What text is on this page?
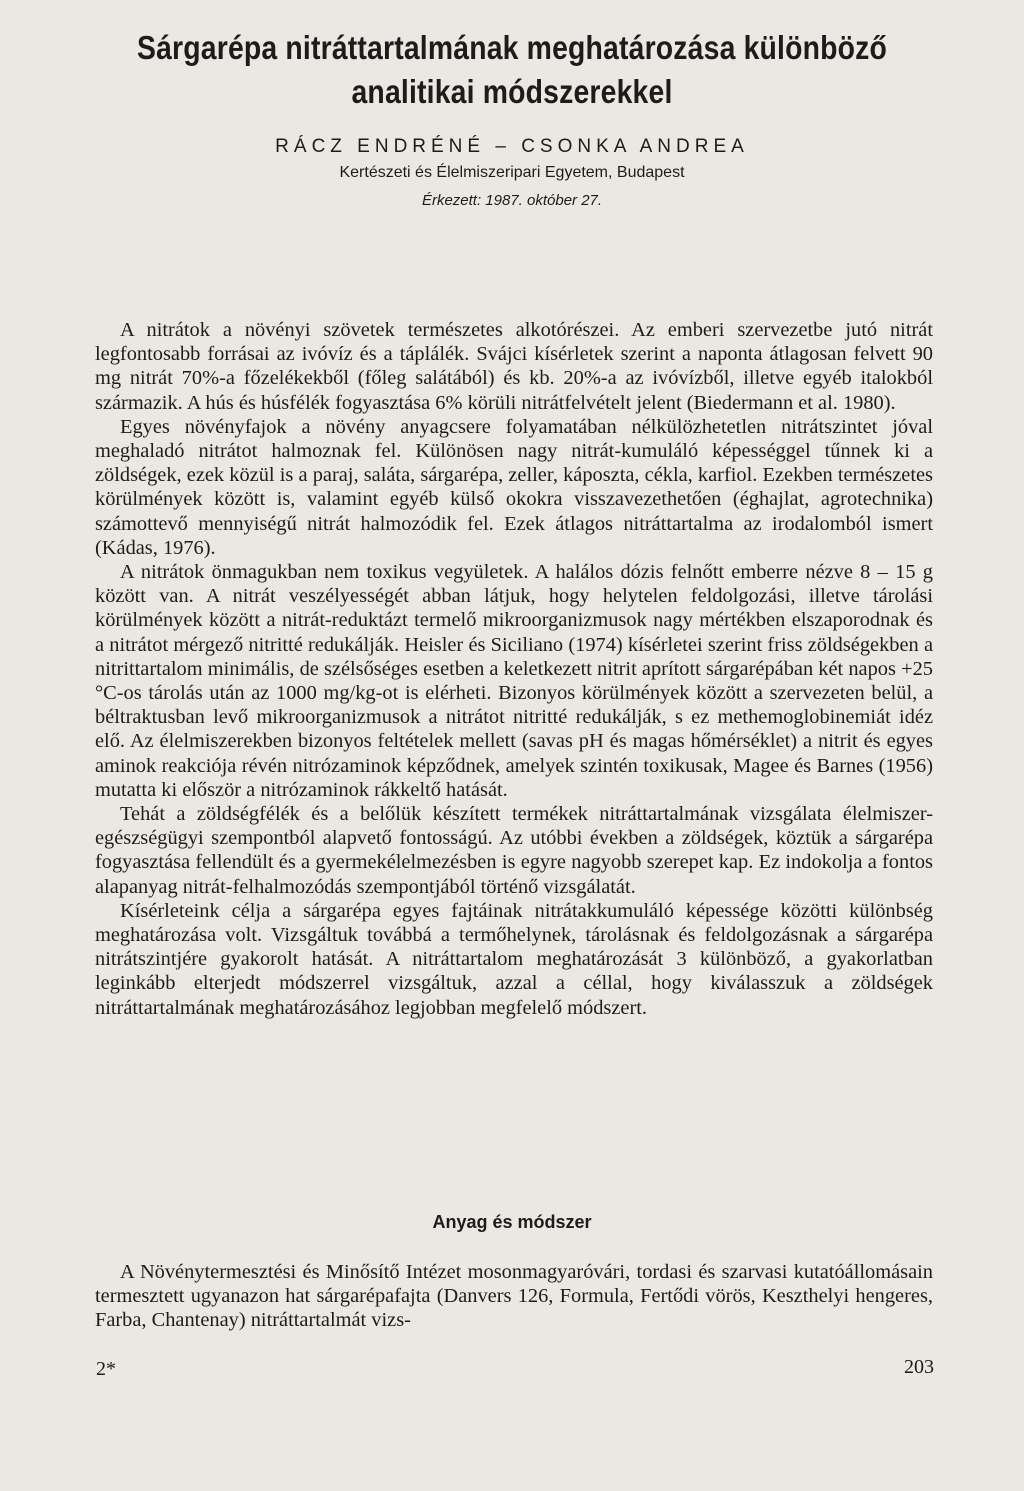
Sárgarépa nitráttartalmának meghatározása különböző analitikai módszerekkel
RÁCZ ENDRÉNÉ – CSONKA ANDREA
Kertészeti és Élelmiszeripari Egyetem, Budapest
Érkezett: 1987. október 27.

A nitrátok a növényi szövetek természetes alkotórészei. Az emberi szervezetbe jutó nitrát legfontosabb forrásai az ivóvíz és a táplálék. Svájci kísérletek szerint a naponta átlagosan felvett 90 mg nitrát 70%-a főzelékekből (főleg salátából) és kb. 20%-a az ivóvízből, illetve egyéb italokból származik. A hús és húsfélék fogyasztása 6% körüli nitrátfelvételt jelent (Biedermann et al. 1980).

Egyes növényfajok a növény anyagcsere folyamatában nélkülözhetetlen nitrátszintet jóval meghaladó nitrátot halmoznak fel. Különösen nagy nitrát-kumuláló képességgel tűnnek ki a zöldségek, ezek közül is a paraj, saláta, sárgarépa, zeller, káposzta, cékla, karfiol. Ezekben természetes körülmények között is, valamint egyéb külső okokra visszavezethetően (éghajlat, agrotechnika) számottevő mennyiségű nitrát halmozódik fel. Ezek átlagos nitráttartalma az irodalomból ismert (Kádas, 1976).

A nitrátok önmagukban nem toxikus vegyületek. A halálos dózis felnőtt emberre nézve 8 – 15 g között van. A nitrát veszélyességét abban látjuk, hogy helytelen feldolgozási, illetve tárolási körülmények között a nitrát-reduktázt termelő mikroorganizmusok nagy mértékben elszaporodnak és a nitrátot mérgező nitritté redukálják. Heisler és Siciliano (1974) kísérletei szerint friss zöldségekben a nitrittartalom minimális, de szélsőséges esetben a keletkezett nitrit aprított sárgarépában két napos +25 °C-os tárolás után az 1000 mg/kg-ot is elérheti. Bizonyos körülmények között a szervezeten belül, a béltraktusban levő mikroorganizmusok a nitrátot nitritté redukálják, s ez methemoglobinemiát idéz elő. Az élelmiszerekben bizonyos feltételek mellett (savas pH és magas hőmérséklet) a nitrit és egyes aminok reakciója révén nitrózaminok képződnek, amelyek szintén toxikusak, Magee és Barnes (1956) mutatta ki először a nitrózaminok rákkeltő hatását.

Tehát a zöldségfélék és a belőlük készített termékek nitráttartalmának vizsgálata élelmiszer-egészségügyi szempontból alapvető fontosságú. Az utóbbi években a zöldségek, köztük a sárgarépa fogyasztása fellendült és a gyermekélelmezésben is egyre nagyobb szerepet kap. Ez indokolja a fontos alapanyag nitrát-felhalmozódás szempontjából történő vizsgálatát.

Kísérleteink célja a sárgarépa egyes fajtáinak nitrátakkumuláló képessége közötti különbség meghatározása volt. Vizsgáltuk továbbá a termőhelynek, tárolásnak és feldolgozásnak a sárgarépa nitrátszintjére gyakorolt hatását. A nitráttartalom meghatározását 3 különböző, a gyakorlatban leginkább elterjedt módszerrel vizsgáltuk, azzal a céllal, hogy kiválasszuk a zöldségek nitráttartalmának meghatározásához legjobban megfelelő módszert.

Anyag és módszer

A Növénytermesztési és Minősítő Intézet mosonmagyaróvári, tordasi és szarvasi kutatóállomásain termesztett ugyanazon hat sárgarépafajta (Danvers 126, Formula, Fertődi vörös, Keszthelyi hengeres, Farba, Chantenay) nitráttartalmát vizs-

2*	203
